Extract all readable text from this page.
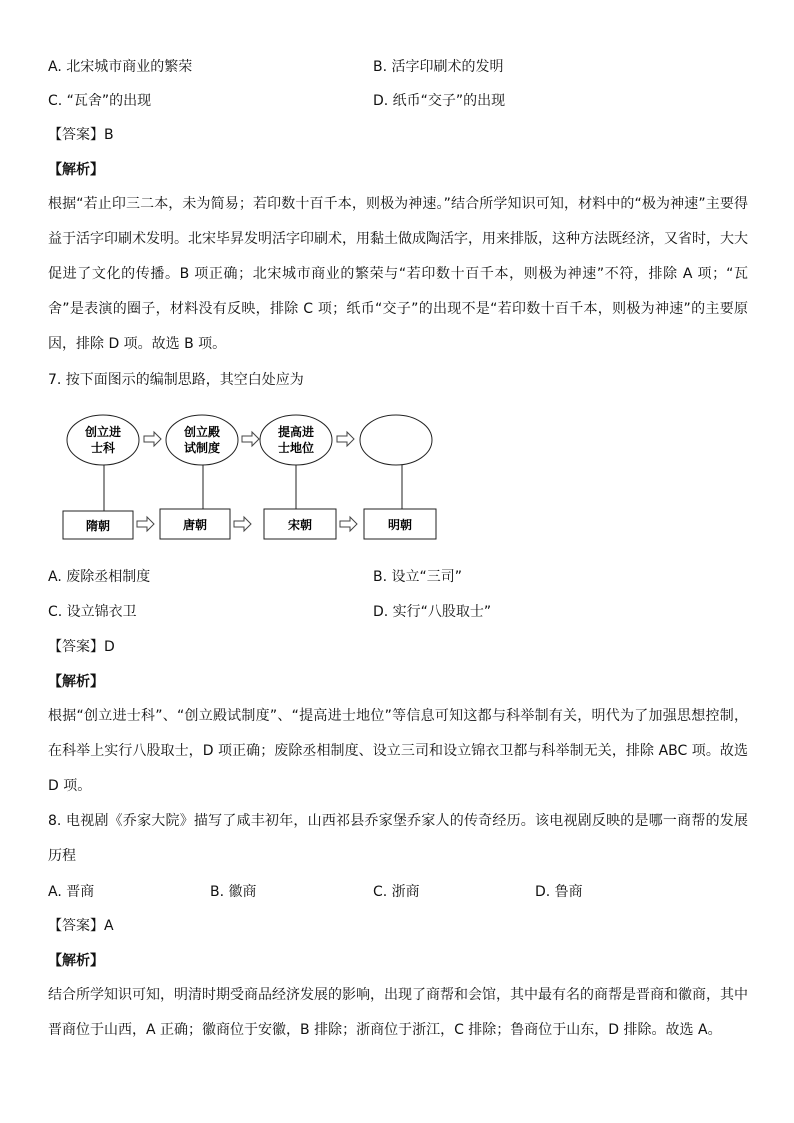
A. 北宋城市商业的繁荣	B. 活字印刷术的发明
C. “瓦舍”的出现	D. 纸币“交子”的出现
【答案】B
【解析】
根据“若止印三二本，未为简易；若印数十百千本，则极为神速。”结合所学知识可知，材料中的“极为神速”主要得益于活字印刷术发明。北宋毕昇发明活字印刷术，用黏土做成陶活字，用来排版，这种方法既经济，又省时，大大促进了文化的传播。B 项正确；北宋城市商业的繁荣与“若印数十百千本，则极为神速”不符，排除 A 项；“瓦舍”是表演的圈子，材料没有反映，排除 C 项；纸币“交子”的出现不是“若印数十百千本，则极为神速”的主要原因，排除 D 项。故选 B 项。
7. 按下面图示的编制思路，其空白处应为
创立进
士科
创立殿
试制度
提高进
士地位
隋朝	唐朝	宋朝	明朝
A. 废除丞相制度	B. 设立“三司”
C. 设立锦衣卫	D. 实行“八股取士”
【答案】D
【解析】
根据“创立进士科”、“创立殿试制度”、“提高进士地位”等信息可知这都与科举制有关，明代为了加强思想控制，在科举上实行八股取士，D 项正确；废除丞相制度、设立三司和设立锦衣卫都与科举制无关，排除 ABC 项。故选 D 项。
8. 电视剧《乔家大院》描写了咸丰初年，山西祁县乔家堡乔家人的传奇经历。该电视剧反映的是哪一商帮的发展历程
A. 晋商	B. 徽商	C. 浙商	D. 鲁商
【答案】A
【解析】
结合所学知识可知，明清时期受商品经济发展的影响，出现了商帮和会馆，其中最有名的商帮是晋商和徽商，其中晋商位于山西，A 正确；徽商位于安徽，B 排除；浙商位于浙江，C 排除；鲁商位于山东，D 排除。故选 A。
